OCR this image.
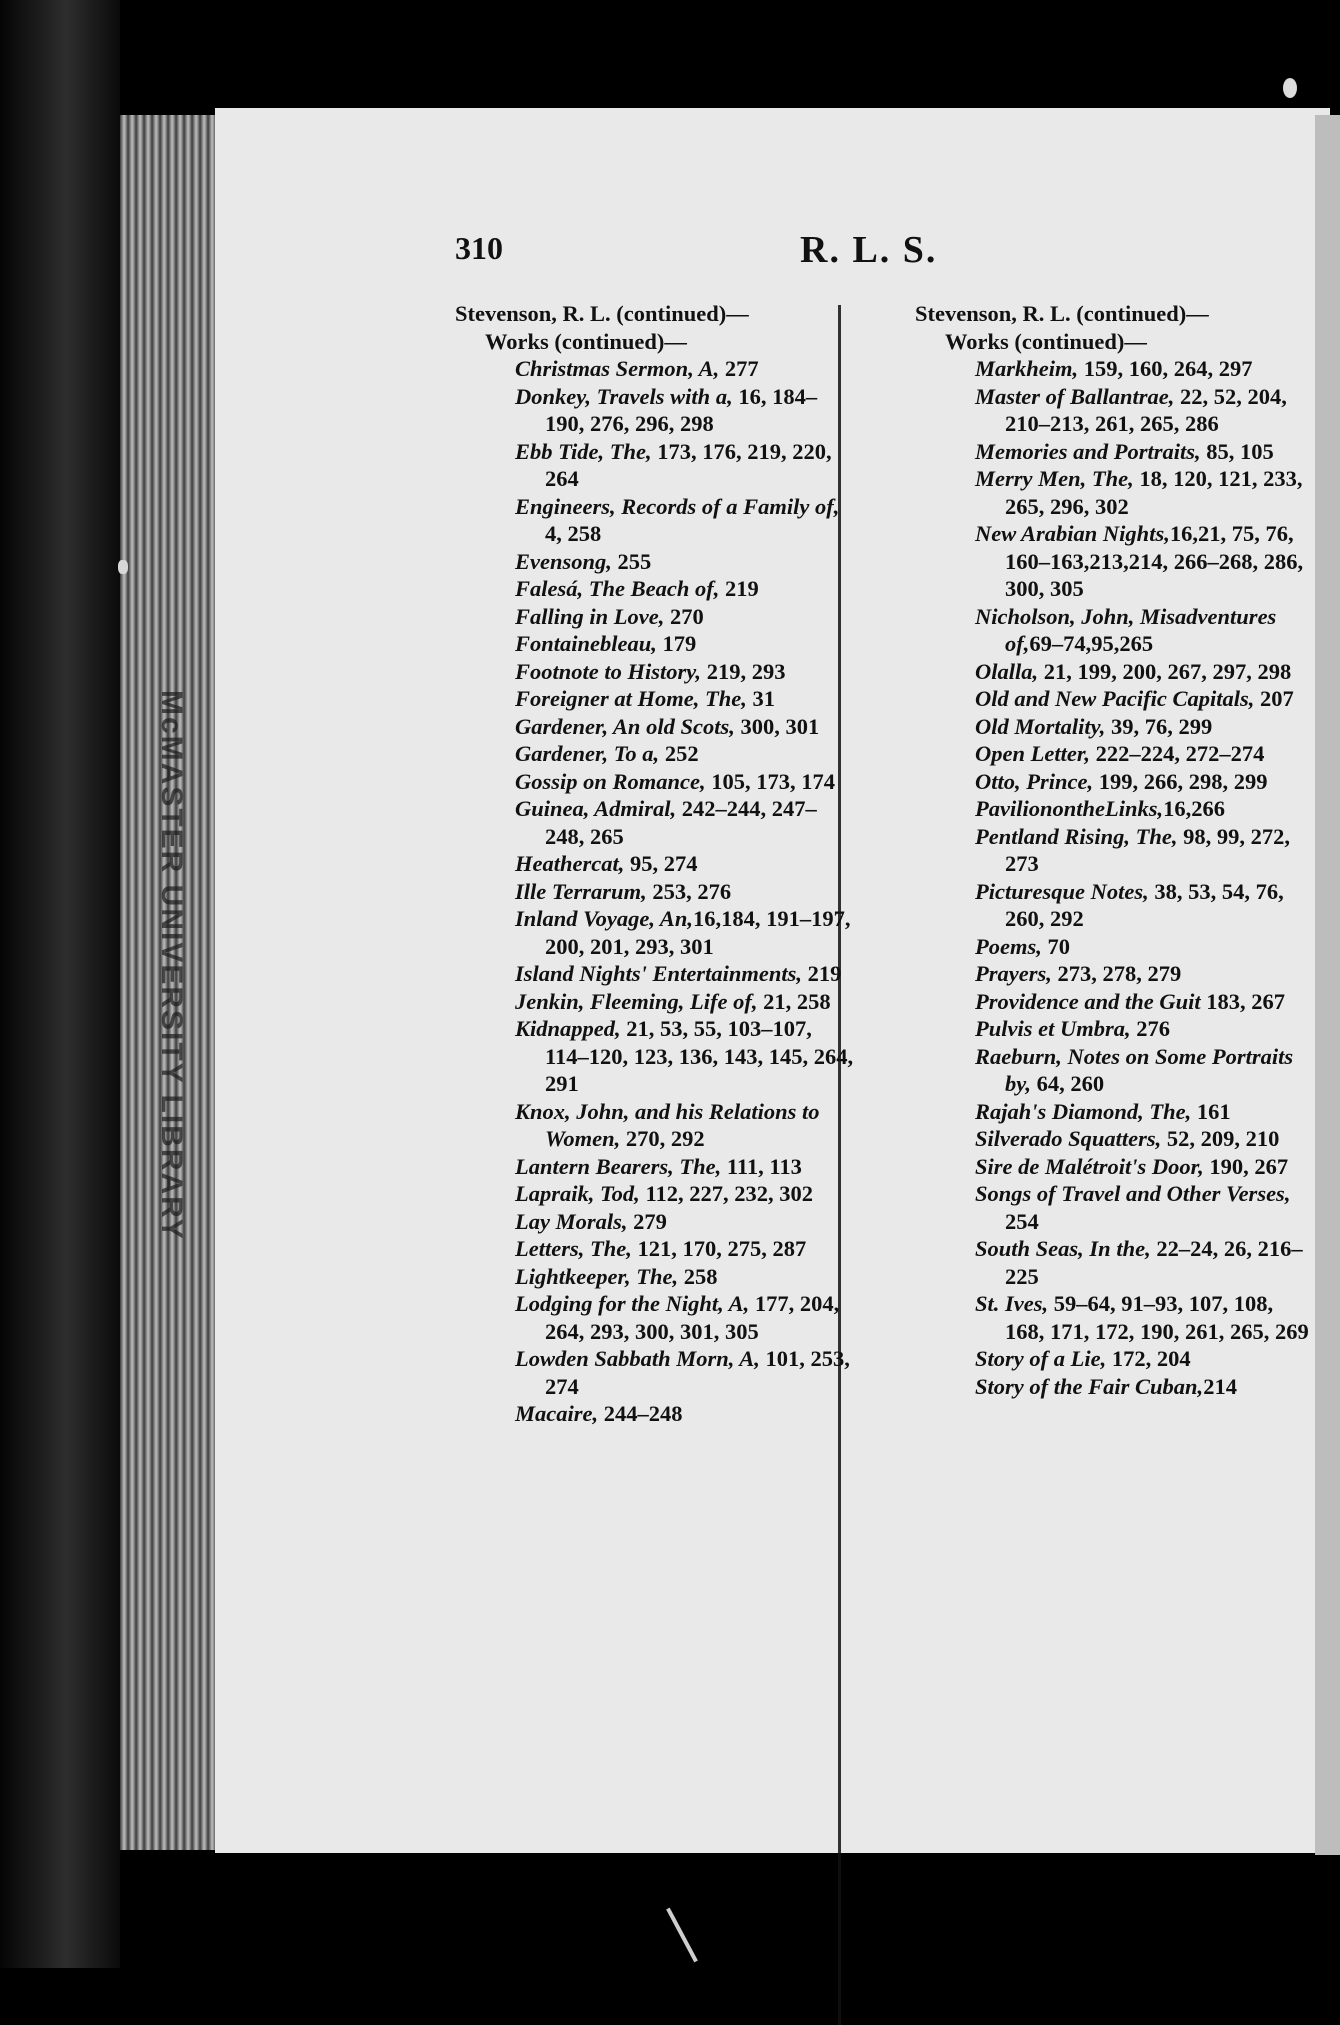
McMASTER UNIVERSITY LIBRARY
310	R. L. S.
Stevenson, R. L. (continued)—
Works (continued)—
Christmas Sermon, A, 277
Donkey, Travels with a, 16, 184–190, 276, 296, 298
Ebb Tide, The, 173, 176, 219, 220, 264
Engineers, Records of a Family of, 4, 258
Evensong, 255
Falesá, The Beach of, 219
Falling in Love, 270
Fontainebleau, 179
Footnote to History, 219, 293
Foreigner at Home, The, 31
Gardener, An old Scots, 300, 301
Gardener, To a, 252
Gossip on Romance, 105, 173, 174
Guinea, Admiral, 242–244, 247–248, 265
Heathercat, 95, 274
Ille Terrarum, 253, 276
Inland Voyage, An,16,184, 191–197, 200, 201, 293, 301
Island Nights' Entertainments, 219
Jenkin, Fleeming, Life of, 21, 258
Kidnapped, 21, 53, 55, 103–107, 114–120, 123, 136, 143, 145, 264, 291
Knox, John, and his Relations to Women, 270, 292
Lantern Bearers, The, 111, 113
Lapraik, Tod, 112, 227, 232, 302
Lay Morals, 279
Letters, The, 121, 170, 275, 287
Lightkeeper, The, 258
Lodging for the Night, A, 177, 204, 264, 293, 300, 301, 305
Lowden Sabbath Morn, A, 101, 253, 274
Macaire, 244–248
Stevenson, R. L. (continued)—
Works (continued)—
Markheim, 159, 160, 264, 297
Master of Ballantrae, 22, 52, 204, 210–213, 261, 265, 286
Memories and Portraits, 85, 105
Merry Men, The, 18, 120, 121, 233, 265, 296, 302
New Arabian Nights,16,21, 75, 76, 160–163,213,214, 266–268, 286, 300, 305
Nicholson, John, Misadventures of,69–74,95,265
Olalla, 21, 199, 200, 267, 297, 298
Old and New Pacific Capitals, 207
Old Mortality, 39, 76, 299
Open Letter, 222–224, 272–274
Otto, Prince, 199, 266, 298, 299
PavilionontheLinks,16,266
Pentland Rising, The, 98, 99, 272, 273
Picturesque Notes, 38, 53, 54, 76, 260, 292
Poems, 70
Prayers, 273, 278, 279
Providence and the Guit 183, 267
Pulvis et Umbra, 276
Raeburn, Notes on Some Portraits by, 64, 260
Rajah's Diamond, The, 161
Silverado Squatters, 52, 209, 210
Sire de Malétroit's Door, 190, 267
Songs of Travel and Other Verses, 254
South Seas, In the, 22–24, 26, 216–225
St. Ives, 59–64, 91–93, 107, 108, 168, 171, 172, 190, 261, 265, 269
Story of a Lie, 172, 204
Story of the Fair Cuban,214
